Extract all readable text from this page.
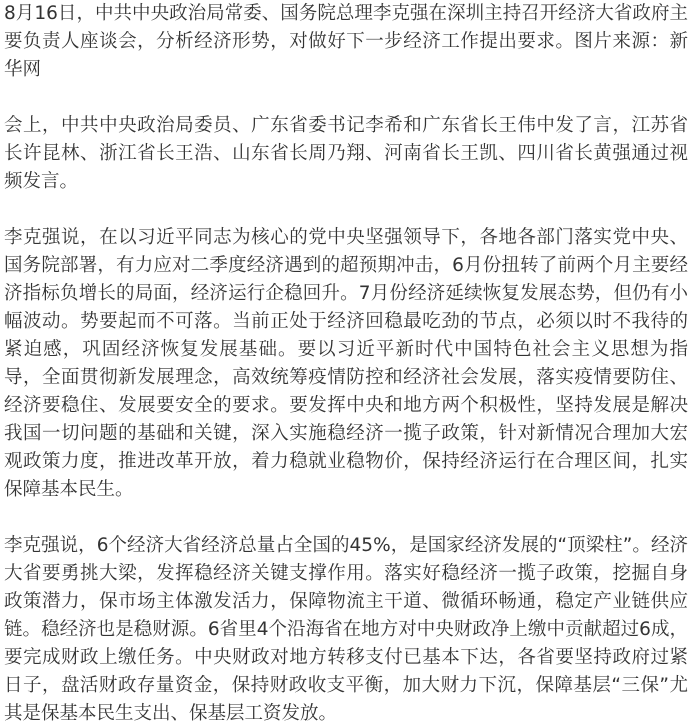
8月16日，中共中央政治局常委、国务院总理李克强在深圳主持召开经济大省政府主要负责人座谈会，分析经济形势，对做好下一步经济工作提出要求。图片来源：新华网

会上，中共中央政治局委员、广东省委书记李希和广东省长王伟中发了言，江苏省长许昆林、浙江省长王浩、山东省长周乃翔、河南省长王凯、四川省长黄强通过视频发言。

李克强说，在以习近平同志为核心的党中央坚强领导下，各地各部门落实党中央、国务院部署，有力应对二季度经济遇到的超预期冲击，6月份扭转了前两个月主要经济指标负增长的局面，经济运行企稳回升。7月份经济延续恢复发展态势，但仍有小幅波动。势要起而不可落。当前正处于经济回稳最吃劲的节点，必须以时不我待的紧迫感，巩固经济恢复发展基础。要以习近平新时代中国特色社会主义思想为指导，全面贯彻新发展理念，高效统筹疫情防控和经济社会发展，落实疫情要防住、经济要稳住、发展要安全的要求。要发挥中央和地方两个积极性，坚持发展是解决我国一切问题的基础和关键，深入实施稳经济一揽子政策，针对新情况合理加大宏观政策力度，推进改革开放，着力稳就业稳物价，保持经济运行在合理区间，扎实保障基本民生。

李克强说，6个经济大省经济总量占全国的45%，是国家经济发展的“顶梁柱”。经济大省要勇挑大梁，发挥稳经济关键支撑作用。落实好稳经济一揽子政策，挖掘自身政策潜力，保市场主体激发活力，保障物流主干道、微循环畅通，稳定产业链供应链。稳经济也是稳财源。6省里4个沿海省在地方对中央财政净上缴中贡献超过6成，要完成财政上缴任务。中央财政对地方转移支付已基本下达，各省要坚持政府过紧日子，盘活财政存量资金，保持财政收支平衡，加大财力下沉，保障基层“三保”尤其是保基本民生支出、保基层工资发放。
